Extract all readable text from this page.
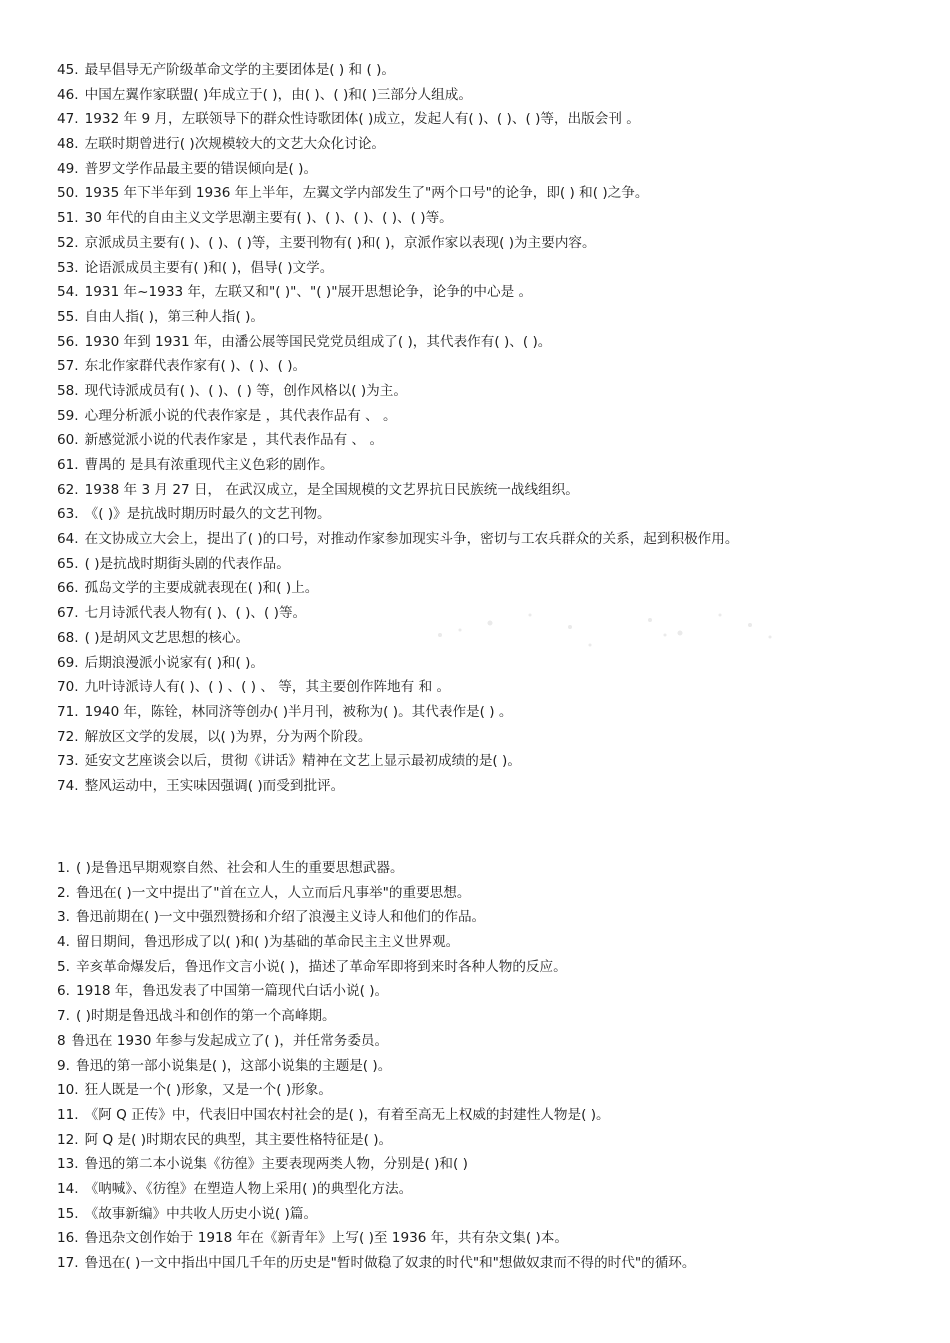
45. 最早倡导无产阶级革命文学的主要团体是( ) 和 ( )。
46. 中国左翼作家联盟( )年成立于( )，由( )、( )和( )三部分人组成。
47. 1932 年 9 月，左联领导下的群众性诗歌团体( )成立，发起人有( )、( )、( )等，出版会刊 。
48. 左联时期曾进行( )次规模较大的文艺大众化讨论。
49. 普罗文学作品最主要的错误倾向是( )。
50. 1935 年下半年到 1936 年上半年，左翼文学内部发生了"两个口号"的论争，即( ) 和( )之争。
51. 30 年代的自由主义文学思潮主要有( )、( )、( )、( )、( )等。
52. 京派成员主要有( )、( )、( )等，主要刊物有( )和( )，京派作家以表现( )为主要内容。
53. 论语派成员主要有( )和( )，倡导( )文学。
54. 1931 年~1933 年，左联又和"( )"、"( )"展开思想论争，论争的中心是 。
55. 自由人指( )，第三种人指( )。
56. 1930 年到 1931 年，由潘公展等国民党党员组成了( )，其代表作有( )、( )。
57. 东北作家群代表作家有( )、( )、( )。
58. 现代诗派成员有( )、( )、( ) 等，创作风格以( )为主。
59. 心理分析派小说的代表作家是 ，其代表作品有 、 。
60. 新感觉派小说的代表作家是 ，其代表作品有 、 。
61. 曹禺的 是具有浓重现代主义色彩的剧作。
62. 1938 年 3 月 27 日， 在武汉成立，是全国规模的文艺界抗日民族统一战线组织。
63. 《( )》是抗战时期历时最久的文艺刊物。
64. 在文协成立大会上，提出了( )的口号，对推动作家参加现实斗争，密切与工农兵群众的关系，起到积极作用。
65. ( )是抗战时期街头剧的代表作品。
66. 孤岛文学的主要成就表现在( )和( )上。
67. 七月诗派代表人物有( )、( )、( )等。
68. ( )是胡风文艺思想的核心。
69. 后期浪漫派小说家有( )和( )。
70. 九叶诗派诗人有( )、( ) 、( ) 、 等，其主要创作阵地有 和 。
71. 1940 年，陈铨，林同济等创办( )半月刊，被称为( )。其代表作是( ) 。
72. 解放区文学的发展，以( )为界，分为两个阶段。
73. 延安文艺座谈会以后，贯彻《讲话》精神在文艺上显示最初成绩的是( )。
74. 整风运动中，王实味因强调( )而受到批评。
1. ( )是鲁迅早期观察自然、社会和人生的重要思想武器。
2. 鲁迅在( )一文中提出了"首在立人，人立而后凡事举"的重要思想。
3. 鲁迅前期在( )一文中强烈赞扬和介绍了浪漫主义诗人和他们的作品。
4. 留日期间，鲁迅形成了以( )和( )为基础的革命民主主义世界观。
5. 辛亥革命爆发后，鲁迅作文言小说( )，描述了革命军即将到来时各种人物的反应。
6. 1918 年，鲁迅发表了中国第一篇现代白话小说( )。
7. ( )时期是鲁迅战斗和创作的第一个高峰期。
8 鲁迅在 1930 年参与发起成立了( )，并任常务委员。
9. 鲁迅的第一部小说集是( )，这部小说集的主题是( )。
10. 狂人既是一个( )形象，又是一个( )形象。
11. 《阿 Q 正传》中，代表旧中国农村社会的是( )，有着至高无上权威的封建性人物是( )。
12. 阿 Q 是( )时期农民的典型，其主要性格特征是( )。
13. 鲁迅的第二本小说集《彷徨》主要表现两类人物，分别是( )和( )
14. 《呐喊》、《彷徨》在塑造人物上采用( )的典型化方法。
15. 《故事新编》中共收人历史小说( )篇。
16. 鲁迅杂文创作始于 1918 年在《新青年》上写( )至 1936 年，共有杂文集( )本。
17. 鲁迅在( )一文中指出中国几千年的历史是"暂时做稳了奴隶的时代"和"想做奴隶而不得的时代"的循环。
